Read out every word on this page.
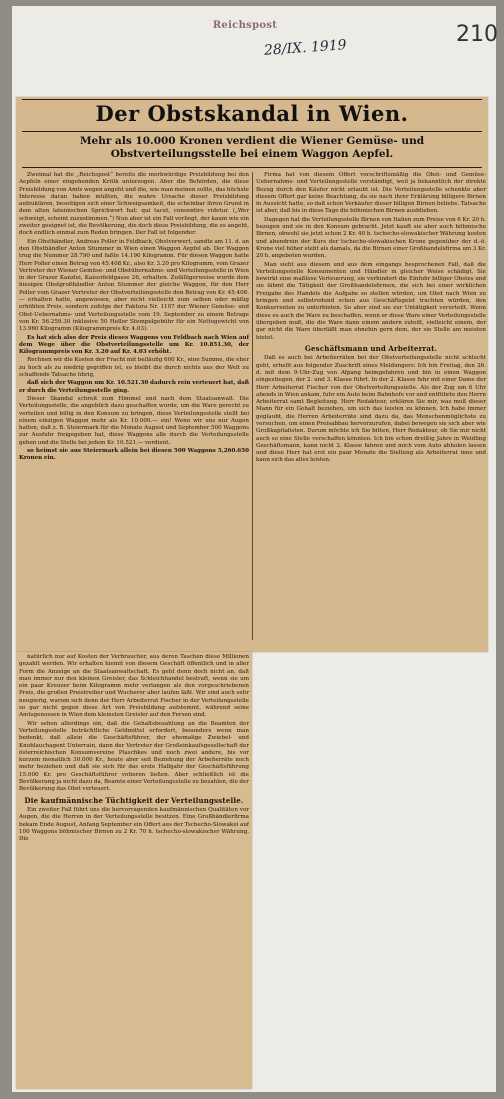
Reichspost
28/IX. 1919
210
Der Obstskandal in Wien.
Mehr als 10.000 Kronen verdient die Wiener Gemüse- und Obstverteilungsstelle bei einem Waggon Aepfel.

Zweimal hat die „Reichspost“ bereits die merkwürdige Preisbildung bei den Aepfeln einer eingehenden Kritik unterzogen. Aber die Behörden, die diese Preisbildung von Amts wegen angeht und die, wie man meinen sollte, das höchste Interesse daran haben müßten, die wahre Ursache dieser Preisbildung aufzuklären, beseitigen sich einer Schweigsamkeit, die scheinbar ihren Grund in dem alten lateinischen Sprichwort hat: qui tacet, consentire videtur. („Wer schweigt, scheint zuzustimmen.“) Nun aber ist ein Fall vorliegt, der kaum wie ein zweiter geeignet ist, die Bevölkerung, die doch diese Preisbildung, die es angeht, doch endlich einmal zum Reden bringen. Der Fall ist folgender:

Ein Obsthändler, Andreas Poller in Feldbach, Obstverwert, sandte am 11. d. an den Obsthändler Anton Stummer in Wien einen Waggon Aepfel ab. Der Waggon trug die Nummer 28.790 und faßte 14.190 Kilogramm. Für diesen Waggon hatte Herr Poller einen Betrag von 45.408 Kr., also Kr. 3.20 pro Kilogramm, vom Grazer Vertreter der Wiener Gemüse- und Obstübernahms- und Verteilungsstelle in Wien in der Grazer Kanzlei, Kaiserfeldgasse 26, erhalten. Zufälligerweise wurde dem hiesigen Obstgroßhändler Anton Stummer der gleiche Waggon, für den Herr Poller vom Grazer Vertreter der Obstverteilungsstelle den Betrag von Kr. 45.408.— erhalten hatte, angewiesen, aber nicht vielleicht zum selben oder mäßig erhöhten Preis, sondern zufolge der Faktura Nr. 1107 der Wiener Gemüse- und Obst-Uebernahms- und Verteilungsstelle vom 19. September zu einem Betrage von Kr. 56.259.30 inklusive 50 Heller Stempelgebühr für ein Nettogewicht von 13.960 Kilogramm (Kilogrammpreis Kr. 4.03).

Es hat sich also der Preis dieses Waggons von Feldbach nach Wien auf dem Wege über die Obstverteilungsstelle um Kr. 10.851.30, der Kilogrammpreis von Kr. 3.20 auf Kr. 4.03 erhöht.

Rechnen wir die Kosten der Fracht mit beiläufig 600 Kr., eine Summe, die eher zu hoch als zu niedrig gegriffen ist, so bleibt die durch nichts aus der Welt zu schaffende Tatsache übrig,

daß sich der Waggon um Kr. 10.521.30 dadurch rein verteuert hat, daß er durch die Verteilungsstelle ging.

Dieser Skandal schreit zum Himmel und nach dem Staatsanwalt. Die Verteilungsstelle, die angeblich dazu geschaffen wurde, um die Ware gerecht zu verteilen und billig in den Konsum zu bringen, diese Verteilungsstelle stellt bei einem einzigen Waggon mehr als Kr. 10.000.— ein! Wenn wir uns nur Augen halten, daß z. B. Steiermark für die Monate August und September 500 Waggons zur Ausfuhr freigegeben hat, diese Waggons alle durch die Verteilungsstelle gehen und die Stelle bei jedem Kr. 10.521.— verdient.

so heimst sie aus Steiermark allein bei diesen 500 Waggons 5,260.650 Kronen ein.

Firma hat von diesem Offert vorschriftsmäßig die Obst- und Gemüse-Uebernahms- und Verteilungsstelle verständigt, weil ja bekanntlich der direkte Bezug durch den Käufer nicht erlaubt ist. Die Verteilungsstelle schenkte aber diesem Offert gar keine Beachtung, da sie nach ihrer Erklärung billigere Birnen in Aussicht hatte, so daß schon Verkäufer dieser billigen Birnen beliebe. Tatsache ist aber, daß bis in diese Tage die böhmischen Birnen ausblieben.

Dagegen hat die Verteilungsstelle Birnen von Italien zum Preise von 6 Kr. 20 h. bezogen und sie in den Konsum gebracht. Jetzt kauft sie aber auch böhmische Birnen, obwohl sie jetzt schon 2 Kr. 40 h. tschecho-slowakischer Währung kosten und abendrein der Kurs der tschecho-slowakischen Krone gegenüber der d.-ö. Krone viel höher steht als damals, da die Birnen einer Großhandelsfirma um 3 Kr. 20 h. angeboten wurden.

Man sieht aus diesem und aus dem eingangs besprochenen Fall, daß die Verteilungsstelle Konsumenten und Händler in gleicher Weise schädigt. Sie bewirkt eine maßlose Verteuerung, sie verhindert die Einfuhr billiger Obstes und sie lähmt die Tätigkeit der Großhandelsfirmen, die sich bei einer wirklichen Freigabe des Handels die Aufgabe so stellen würden, um Obst nach Wien zu bringen und selbstredend schon aus Geschäftsgeist trachten würden, den Konkurrenten zu unterbieten. So aber sind sie zur Untätigkeit verurteilt. Wenn diese es auch die Ware zu beschaffen, wenn er diese Ware einer Verteilungsstelle übergeben muß, die die Ware dann einem andern zuteilt, vielleicht einem, der gar nicht die Ware überläßt man ohnehin gern dem, der sie Stelle am meisten bietet.

Geschäftsmann und Arbeiterrat.

Daß es auch bei Arbeiterräten bei der Obstverteilungsstelle nicht schlecht geht, erhellt aus folgender Zuschrift eines Meldungers: Ich bin Freitag, den 26. d. mit dem 9-Uhr-Zug von Afpang heimgefahren und bin in einen Waggon eingestiegen, der 2. und 3. Klasse führt. In der 2. Klasse fuhr mit einer Dame der Herr Arbeiterrat Fischer von der Obstverteilungsstelle. Als der Zug um 6 Uhr abends in Wien ankam, fuhr ein Auto beim Bahnhofe vor und entführte den Herrn Arbeiterrat samt Begleitung. Herr Redakteur, erklären Sie mir, was muß dieser Mann für ein Gehalt beziehen, um sich das leisten zu können. Ich habe immer geglaubt, die Herren Arbeiterräte sind dazu da, das Menschenmöglichste zu versuchen, um einen Preisabbau hervorzurufen, dabei bewegen sie sich aber wie Großkapitalisten. Darum möchte ich Sie bitten, Herr Redakteur, ob Sie mir nicht auch so eine Stelle verschaffen könnten. Ich bin schon dreißig Jahre in Weidling Geschäftsmann, kann nicht 2. Klasse fahren und mich vom Auto abholen lassen und diese Herr hat erst ein paar Monate die Stellung als Arbeiterrat inne und kann sich das alles leisten.

natürlich nur auf Kosten der Verbraucher, aus deren Taschen diese Millionen gezahlt werden. Wir erhalten hiemit von diesem Geschäft öffentlich und in aller Form die Anzeige an die Staatsanwaltschaft. Es geht denn doch nicht an, daß man immer nur den kleinen Greisler, das Schleichhandel bestraft, wenn sie um ein paar Kreuzer beim Kilogramm mehr verlangen als den vorgeschriebenen Preis, die großen Preistreiber und Wucherer aber laufen läßt. Wir sind auch sehr neugierig, warum sich denn der Herr Arbeiterrat Fischer in der Verteilungsstelle so gar nicht gegen diese Art von Preisbildung aufstemmt, während seine Amtsgenossen in Wien dem kleinsten Greisler auf den Fersen sind.

Wir sehen allerdings ein, daß die Gehaltsbezahlung an die Beamten der Verteilungsstelle beträchtliche Geldmittel erfordert, besonders wenn man bedenkt, daß allein die Geschäftsführer, der ehemalige Zwiebel- und Knoblauchagent Unterrain, dann der Vertreter der Großeinkaufsgesellschaft der österreichischen Konsumvereine Plaschkes und noch zwei andere, bis vor kurzem monatlich 30.000 Kr., heute aber seit Beziehung der Arbeiterräte noch mehr beziehen und daß sie sich für das erste Halbjahr der Geschäftsführung 15.000 Kr. pro Geschäftsführer votieren ließen. Aber schließlich ist die Bevölkerung ja nicht dazu da, Beamte einer Verteilungsstelle zu bezahlen, die der Bevölkerung das Obst verteuert.

Die kaufmännische Tüchtigkeit der Verteilungsstelle.

Ein zweiter Fall führt uns die hervorragenden kaufmännischen Qualitäten vor Augen, die die Herren in der Verteilungsstelle besitzen. Eine Großhändlerfirma bekam Ende August, Anfang September ein Offert aus der Tschecho-Slowakei auf 100 Waggons böhmischer Birnen zu 2 Kr. 70 h. tschecho-slowakischer Währung. Die
